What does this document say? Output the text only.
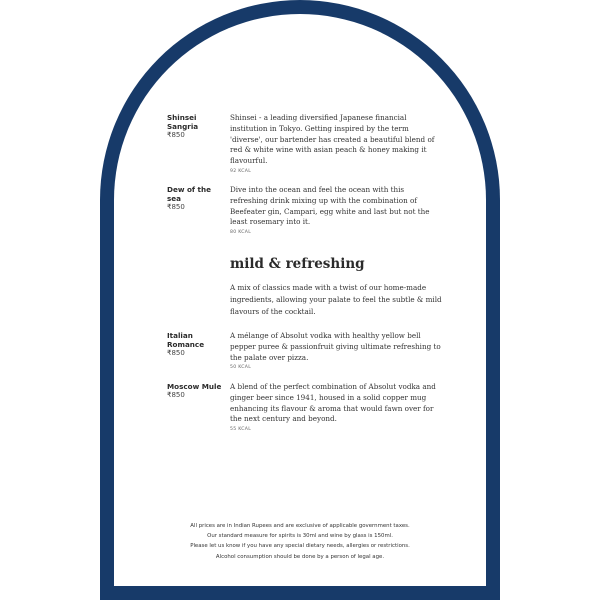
Shinsei Sangria
₹850
Shinsei - a leading diversified Japanese financial institution in Tokyo. Getting inspired by the term 'diverse', our bartender has created a beautiful blend of red & white wine with asian peach & honey making it flavourful.
92 KCAL
Dew of the sea
₹850
Dive into the ocean and feel the ocean with this refreshing drink mixing up with the combination of Beefeater gin, Campari, egg white and last but not the least rosemary into it.
80 KCAL
mild & refreshing
A mix of classics made with a twist of our home-made ingredients, allowing your palate to feel the subtle & mild flavours of the cocktail.
Italian Romance
₹850
A mélange of Absolut vodka with healthy yellow bell pepper puree & passionfruit giving ultimate refreshing to the palate over pizza.
50 KCAL
Moscow Mule
₹850
A blend of the perfect combination of Absolut vodka and ginger beer since 1941, housed in a solid copper mug enhancing its flavour & aroma that would fawn over for the next century and beyond.
55 KCAL
All prices are in Indian Rupees and are exclusive of applicable government taxes.
Our standard measure for spirits is 30ml and wine by glass is 150ml.
Please let us know if you have any special dietary needs, allergies or restrictions.
Alcohol consumption should be done by a person of legal age.
